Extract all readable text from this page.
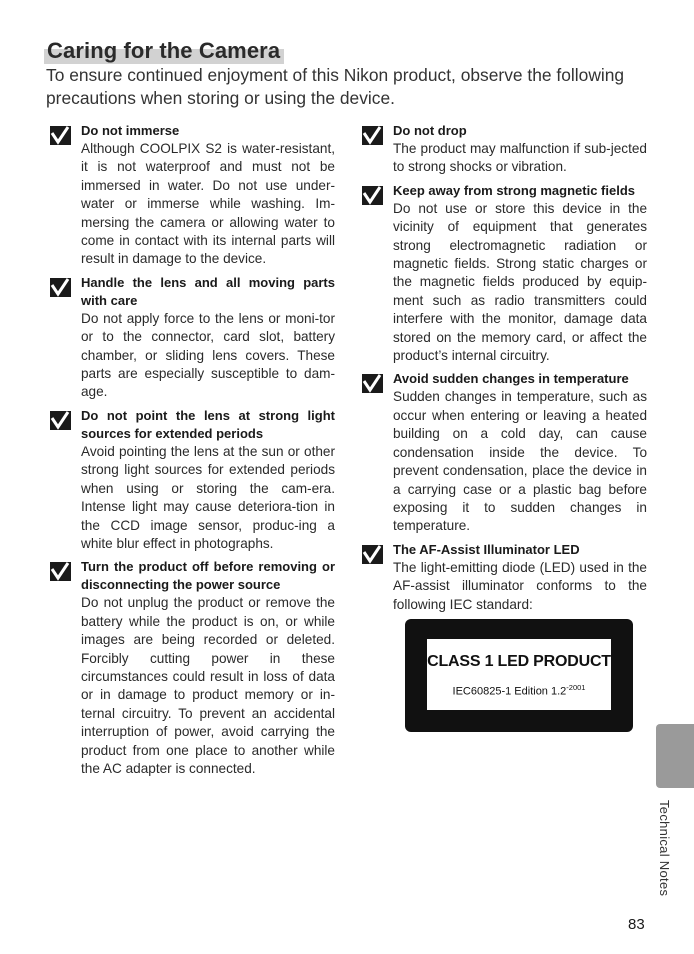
Caring for the Camera
To ensure continued enjoyment of this Nikon product, observe the following precautions when storing or using the device.
Do not immerse
Although COOLPIX S2 is water-resistant, it is not waterproof and must not be immersed in water. Do not use under-water or immerse while washing. Im-mersing the camera or allowing water to come in contact with its internal parts will result in damage to the device.
Handle the lens and all moving parts with care
Do not apply force to the lens or moni-tor or to the connector, card slot, battery chamber, or sliding lens covers. These parts are especially susceptible to dam-age.
Do not point the lens at strong light sources for extended periods
Avoid pointing the lens at the sun or other strong light sources for extended periods when using or storing the cam-era. Intense light may cause deteriora-tion in the CCD image sensor, produc-ing a white blur effect in photographs.
Turn the product off before removing or disconnecting the power source
Do not unplug the product or remove the battery while the product is on, or while images are being recorded or deleted. Forcibly cutting power in these circumstances could result in loss of data or in damage to product memory or in-ternal circuitry. To prevent an accidental interruption of power, avoid carrying the product from one place to another while the AC adapter is connected.
Do not drop
The product may malfunction if sub-jected to strong shocks or vibration.
Keep away from strong magnetic fields
Do not use or store this device in the vicinity of equipment that generates strong electromagnetic radiation or magnetic fields. Strong static charges or the magnetic fields produced by equip-ment such as radio transmitters could interfere with the monitor, damage data stored on the memory card, or affect the product’s internal circuitry.
Avoid sudden changes in temperature
Sudden changes in temperature, such as occur when entering or leaving a heated building on a cold day, can cause condensation inside the device. To prevent condensation, place the device in a carrying case or a plastic bag before exposing it to sudden changes in temperature.
The AF-Assist Illuminator LED
The light-emitting diode (LED) used in the AF-assist illuminator conforms to the following IEC standard:
CLASS 1 LED PRODUCT
IEC60825-1 Edition $1.2^{-2001}$
Technical Notes
83
